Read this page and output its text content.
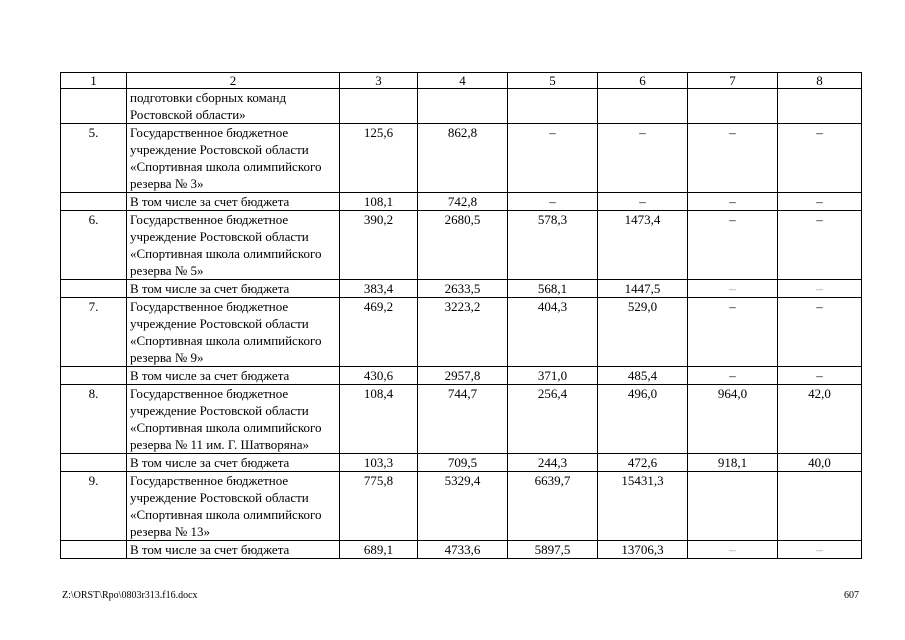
1	2	3	4	5	6	7	8
	подготовки сборных команд Ростовской области»						
5.	Государственное бюджетное учреждение Ростовской области «Спортивная школа олимпийского резерва № 3»	125,6	862,8	–	–	–	–
	В том числе за счет бюджета	108,1	742,8	–	–	–	–
6.	Государственное бюджетное учреждение Ростовской области «Спортивная школа олимпийского резерва № 5»	390,2	2680,5	578,3	1473,4	–	–
	В том числе за счет бюджета	383,4	2633,5	568,1	1447,5	–	–
7.	Государственное бюджетное учреждение Ростовской области «Спортивная школа олимпийского резерва № 9»	469,2	3223,2	404,3	529,0	–	–
	В том числе за счет бюджета	430,6	2957,8	371,0	485,4	–	–
8.	Государственное бюджетное учреждение Ростовской области «Спортивная школа олимпийского резерва № 11 им. Г. Шатворяна»	108,4	744,7	256,4	496,0	964,0	42,0
	В том числе за счет бюджета	103,3	709,5	244,3	472,6	918,1	40,0
9.	Государственное бюджетное учреждение Ростовской области «Спортивная школа олимпийского резерва № 13»	775,8	5329,4	6639,7	15431,3		
	В том числе за счет бюджета	689,1	4733,6	5897,5	13706,3	–	–
Z:\ORST\Rpo\0803r313.f16.docx	607
